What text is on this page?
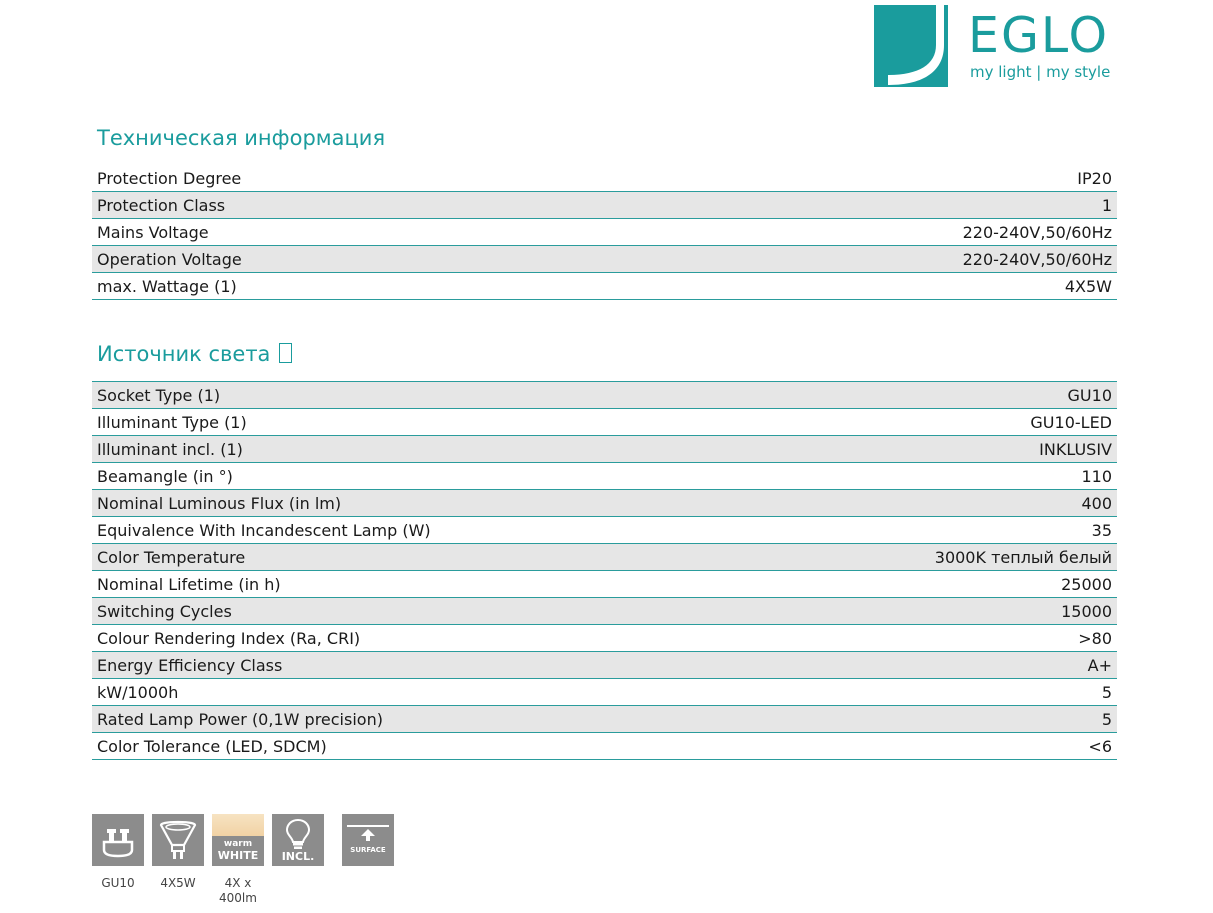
EGLO
my light | my style
Техническая информация
Protection Degree	IP20
Protection Class	1
Mains Voltage	220-240V,50/60Hz
Operation Voltage	220-240V,50/60Hz
max. Wattage (1)	4X5W
Источник света
Socket Type (1)	GU10
Illuminant Type (1)	GU10-LED
Illuminant incl. (1)	INKLUSIV
Beamangle (in °)	110
Nominal Luminous Flux (in lm)	400
Equivalence With Incandescent Lamp (W)	35
Color Temperature	3000K теплый белый
Nominal Lifetime (in h)	25000
Switching Cycles	15000
Colour Rendering Index (Ra, CRI)	>80
Energy Efficiency Class	A+
kW/1000h	5
Rated Lamp Power (0,1W precision)	5
Color Tolerance (LED, SDCM)	<6
GU10	4X5W
warm
WHITE
4X x 400lm
INCL.	SURFACE
